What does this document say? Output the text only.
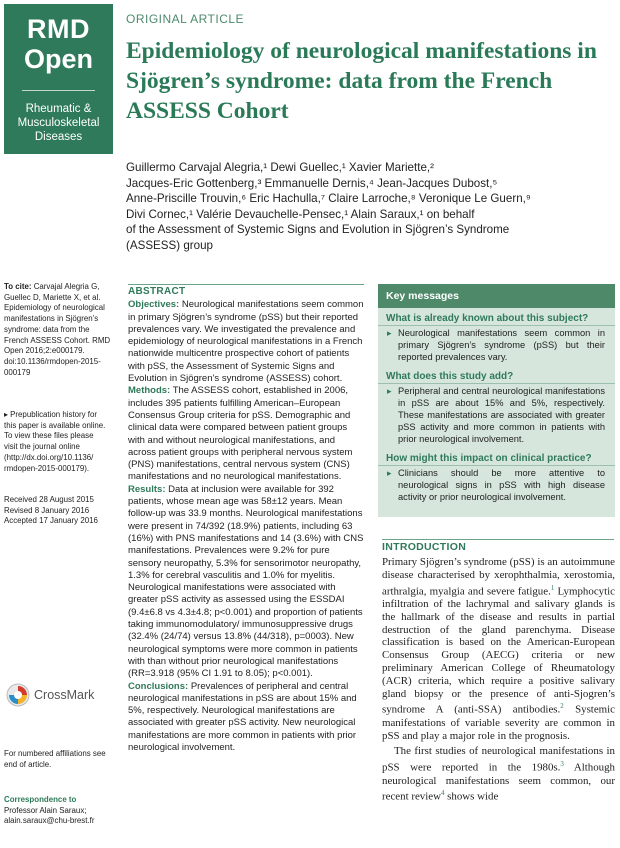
RMD
Open
Rheumatic &
Musculoskeletal
Diseases
ORIGINAL ARTICLE
Epidemiology of neurological manifestations in Sjögren’s syndrome: data from the French ASSESS Cohort
Guillermo Carvajal Alegria,¹ Dewi Guellec,¹ Xavier Mariette,²
Jacques-Eric Gottenberg,³ Emmanuelle Dernis,⁴ Jean-Jacques Dubost,⁵
Anne-Priscille Trouvin,⁶ Eric Hachulla,⁷ Claire Larroche,⁸ Veronique Le Guern,⁹
Divi Cornec,¹ Valérie Devauchelle-Pensec,¹ Alain Saraux,¹ on behalf
of the Assessment of Systemic Signs and Evolution in Sjögren’s Syndrome
(ASSESS) group
To cite: Carvajal Alegria G,
Guellec D, Mariette X, et al.
Epidemiology of neurological
manifestations in Sjögren’s
syndrome: data from the
French ASSESS Cohort. RMD
Open 2016;2:e000179.
doi:10.1136/rmdopen-2015-
000179
▸ Prepublication history for
this paper is available online.
To view these files please
visit the journal online
(http://dx.doi.org/10.1136/
rmdopen-2015-000179).
Received 28 August 2015
Revised 8 January 2016
Accepted 17 January 2016
CrossMark
For numbered affiliations see
end of article.
Correspondence to
Professor Alain Saraux;
alain.saraux@chu-brest.fr
ABSTRACT

Objectives: Neurological manifestations seem common in primary Sjögren’s syndrome (pSS) but their reported prevalences vary. We investigated the prevalence and epidemiology of neurological manifestations in a French nationwide multicentre prospective cohort of patients with pSS, the Assessment of Systemic Signs and Evolution in Sjögren’s syndrome (ASSESS) cohort.

Methods: The ASSESS cohort, established in 2006, includes 395 patients fulfilling American–European Consensus Group criteria for pSS. Demographic and clinical data were compared between patient groups with and without neurological manifestations, and across patient groups with peripheral nervous system (PNS) manifestations, central nervous system (CNS) manifestations and no neurological manifestations.

Results: Data at inclusion were available for 392 patients, whose mean age was 58±12 years. Mean follow-up was 33.9 months. Neurological manifestations were present in 74/392 (18.9%) patients, including 63 (16%) with PNS manifestations and 14 (3.6%) with CNS manifestations. Prevalences were 9.2% for pure sensory neuropathy, 5.3% for sensorimotor neuropathy, 1.3% for cerebral vasculitis and 1.0% for myelitis. Neurological manifestations were associated with greater pSS activity as assessed using the ESSDAI (9.4±6.8 vs 4.3±4.8; p<0.001) and proportion of patients taking immunomodulatory/ immunosuppressive drugs (32.4% (24/74) versus 13.8% (44/318), p=0003). New neurological symptoms were more common in patients with than without prior neurological manifestations (RR=3.918 (95% CI 1.91 to 8.05); p<0.001).

Conclusions: Prevalences of peripheral and central neurological manifestations in pSS are about 15% and 5%, respectively. Neurological manifestations are associated with greater pSS activity. New neurological manifestations are more common in patients with prior neurological involvement.

Key messages
What is already known about this subject?
▸ Neurological manifestations seem common in primary Sjögren’s syndrome (pSS) but their reported prevalences vary.
What does this study add?
▸ Peripheral and central neurological manifestations in pSS are about 15% and 5%, respectively. These manifestations are associated with greater pSS activity and more common in patients with prior neurological involvement.
How might this impact on clinical practice?
▸ Clinicians should be more attentive to neurological signs in pSS with high disease activity or prior neurological involvement.
INTRODUCTION

Primary Sjögren’s syndrome (pSS) is an autoimmune disease characterised by xerophthalmia, xerostomia, arthralgia, myalgia and severe fatigue.$^1$ Lymphocytic infiltration of the lachrymal and salivary glands is the hallmark of the disease and results in partial destruction of the gland parenchyma. Disease classification is based on the American-European Consensus Group (AECG) criteria or new preliminary American College of Rheumatology (ACR) criteria, which require a positive salivary gland biopsy or the presence of anti-Sjogren’s syndrome A (anti-SSA) antibodies.$^2$ Systemic manifestations of variable severity are common in pSS and play a major role in the prognosis.

The first studies of neurological manifestations in pSS were reported in the 1980s.$^3$ Although neurological manifestations seem common, our recent review$^4$ shows wide
